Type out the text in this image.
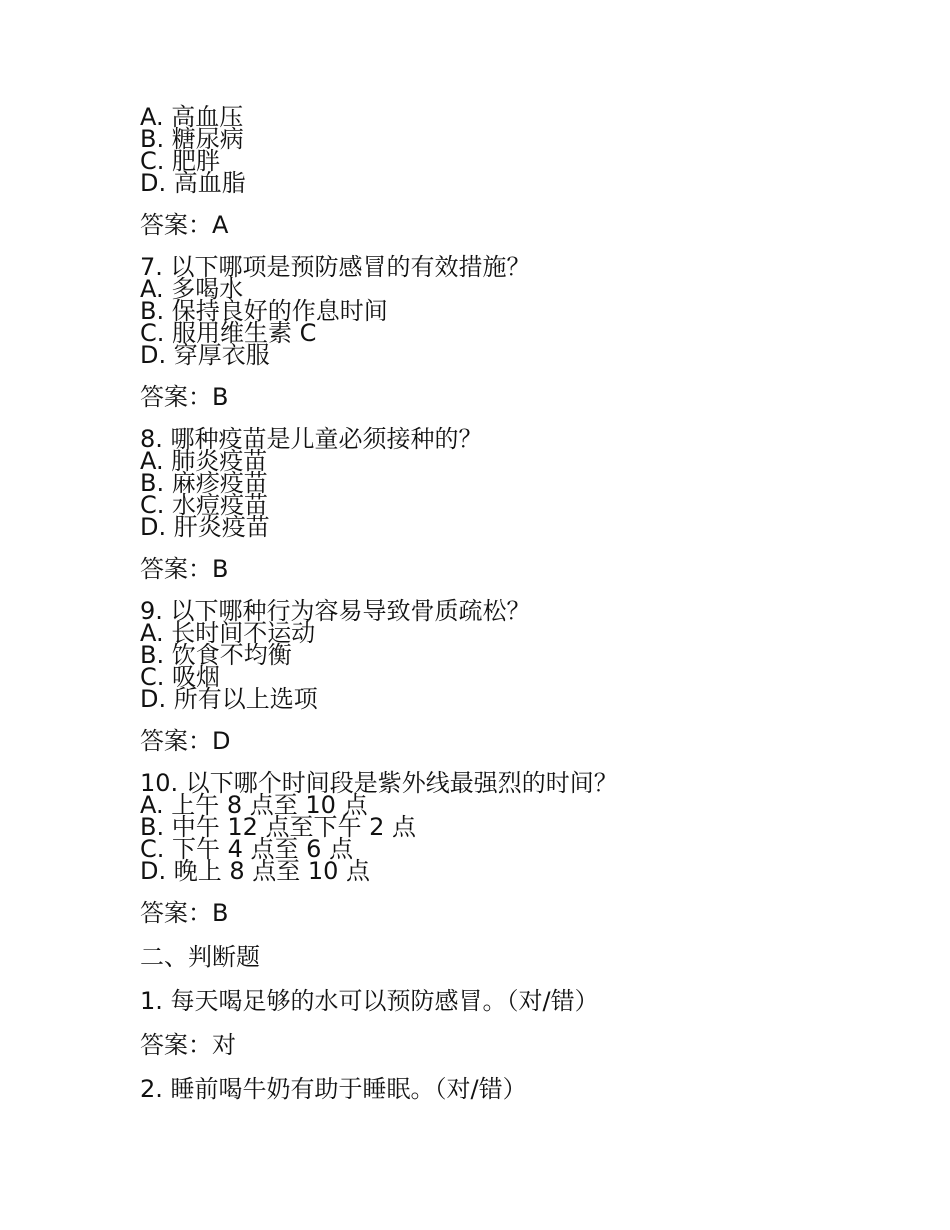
A. 高血压
B. 糖尿病
C. 肥胖
D. 高血脂
答案：A
7. 以下哪项是预防感冒的有效措施？
A. 多喝水
B. 保持良好的作息时间
C. 服用维生素 C
D. 穿厚衣服
答案：B
8. 哪种疫苗是儿童必须接种的？
A. 肺炎疫苗
B. 麻疹疫苗
C. 水痘疫苗
D. 肝炎疫苗
答案：B
9. 以下哪种行为容易导致骨质疏松？
A. 长时间不运动
B. 饮食不均衡
C. 吸烟
D. 所有以上选项
答案：D
10. 以下哪个时间段是紫外线最强烈的时间？
A. 上午 8 点至 10 点
B. 中午 12 点至下午 2 点
C. 下午 4 点至 6 点
D. 晚上 8 点至 10 点
答案：B
二、判断题
1. 每天喝足够的水可以预防感冒。（对/错）
答案：对
2. 睡前喝牛奶有助于睡眠。（对/错）
